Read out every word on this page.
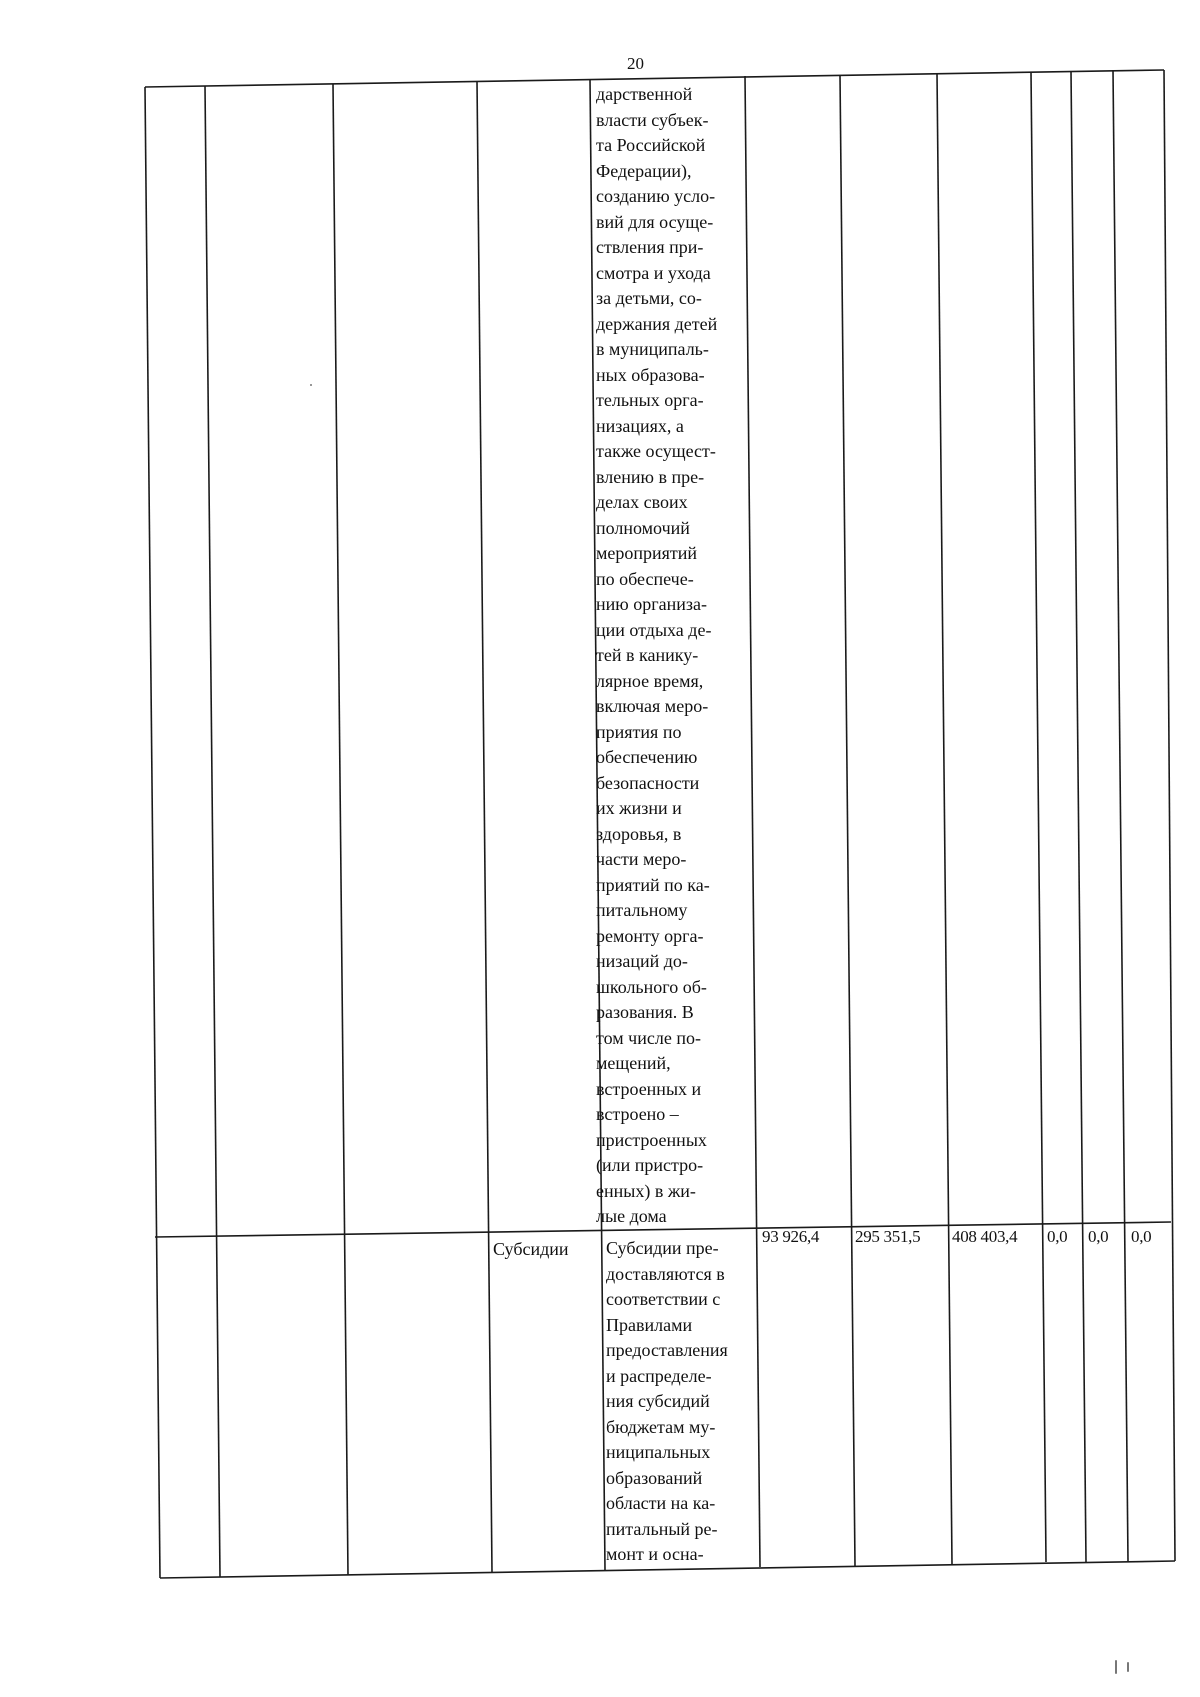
20
дарственной
власти субъек-
та Российской
Федерации),
созданию усло-
вий для осуще-
ствления при-
смотра и ухода
за детьми, со-
держания детей
в муниципаль-
ных образова-
тельных орга-
низациях, а
также осущест-
влению в пре-
делах своих
полномочий
мероприятий
по обеспече-
нию организа-
ции отдыха де-
тей в канику-
лярное время,
включая меро-
приятия по
обеспечению
безопасности
их жизни и
здоровья, в
части меро-
приятий по ка-
питальному
ремонту орга-
низаций до-
школьного об-
разования. В
том числе по-
мещений,
встроенных и
встроено –
пристроенных
(или пристро-
енных) в жи-
лые дома
Субсидии Субсидии пре-
доставляются в
соответствии с
Правилами
предоставления
и распределе-
ния субсидий
бюджетам му-
ниципальных
образований
области на ка-
питальный ре-
монт и осна-
93 926,4 295 351,5 408 403,4 0,0 0,0 0,0
